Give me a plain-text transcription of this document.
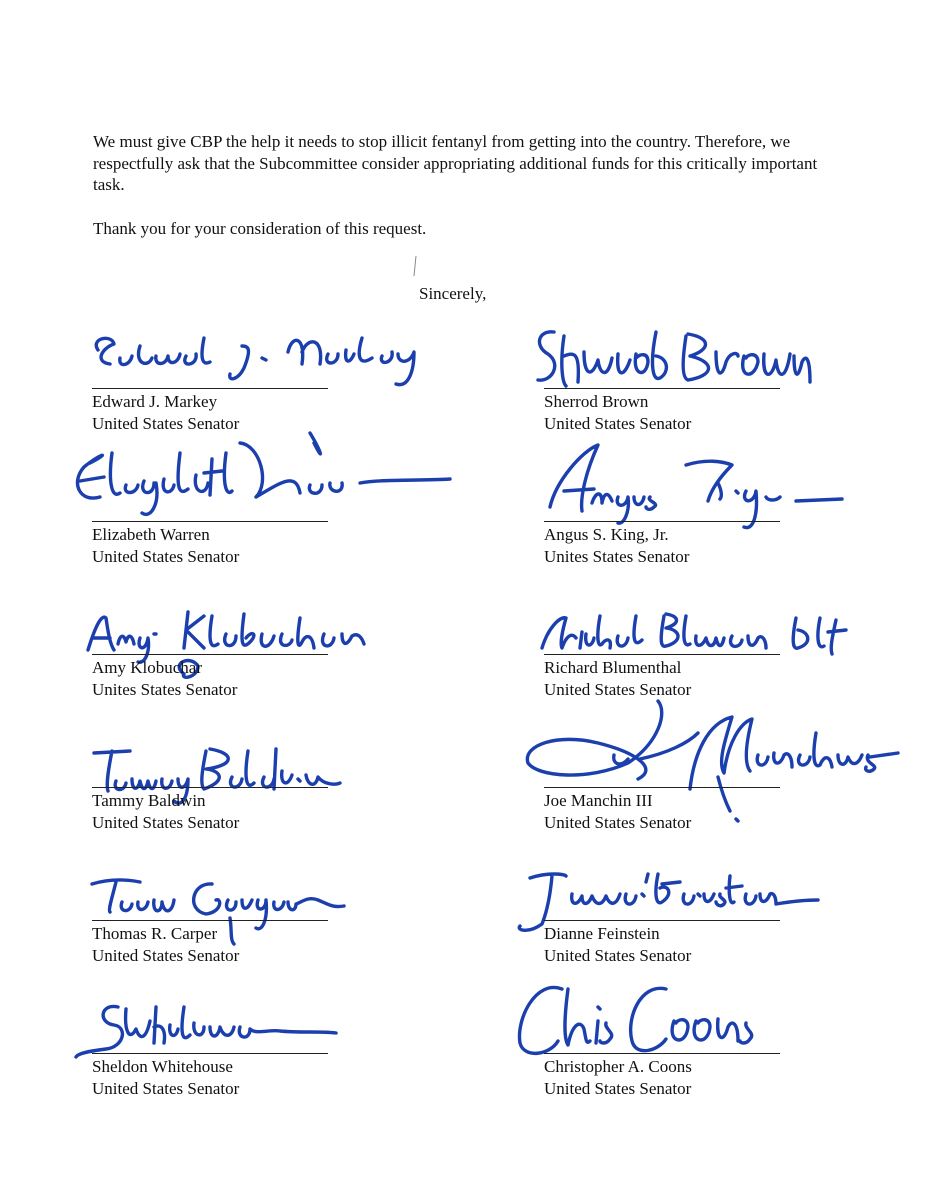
We must give CBP the help it needs to stop illicit fentanyl from getting into the country. Therefore, we respectfully ask that the Subcommittee consider appropriating additional funds for this critically important task.

Thank you for your consideration of this request.

Sincerely,

Edward J. Markey
United States Senator
Elizabeth Warren
United States Senator
Amy Klobuchar
Unites States Senator
Tammy Baldwin
United States Senator
Thomas R. Carper
United States Senator
Sheldon Whitehouse
United States Senator
Sherrod Brown
United States Senator
Angus S. King, Jr.
Unites States Senator
Richard Blumenthal
United States Senator
Joe Manchin III
United States Senator
Dianne Feinstein
United States Senator
Christopher A. Coons
United States Senator
